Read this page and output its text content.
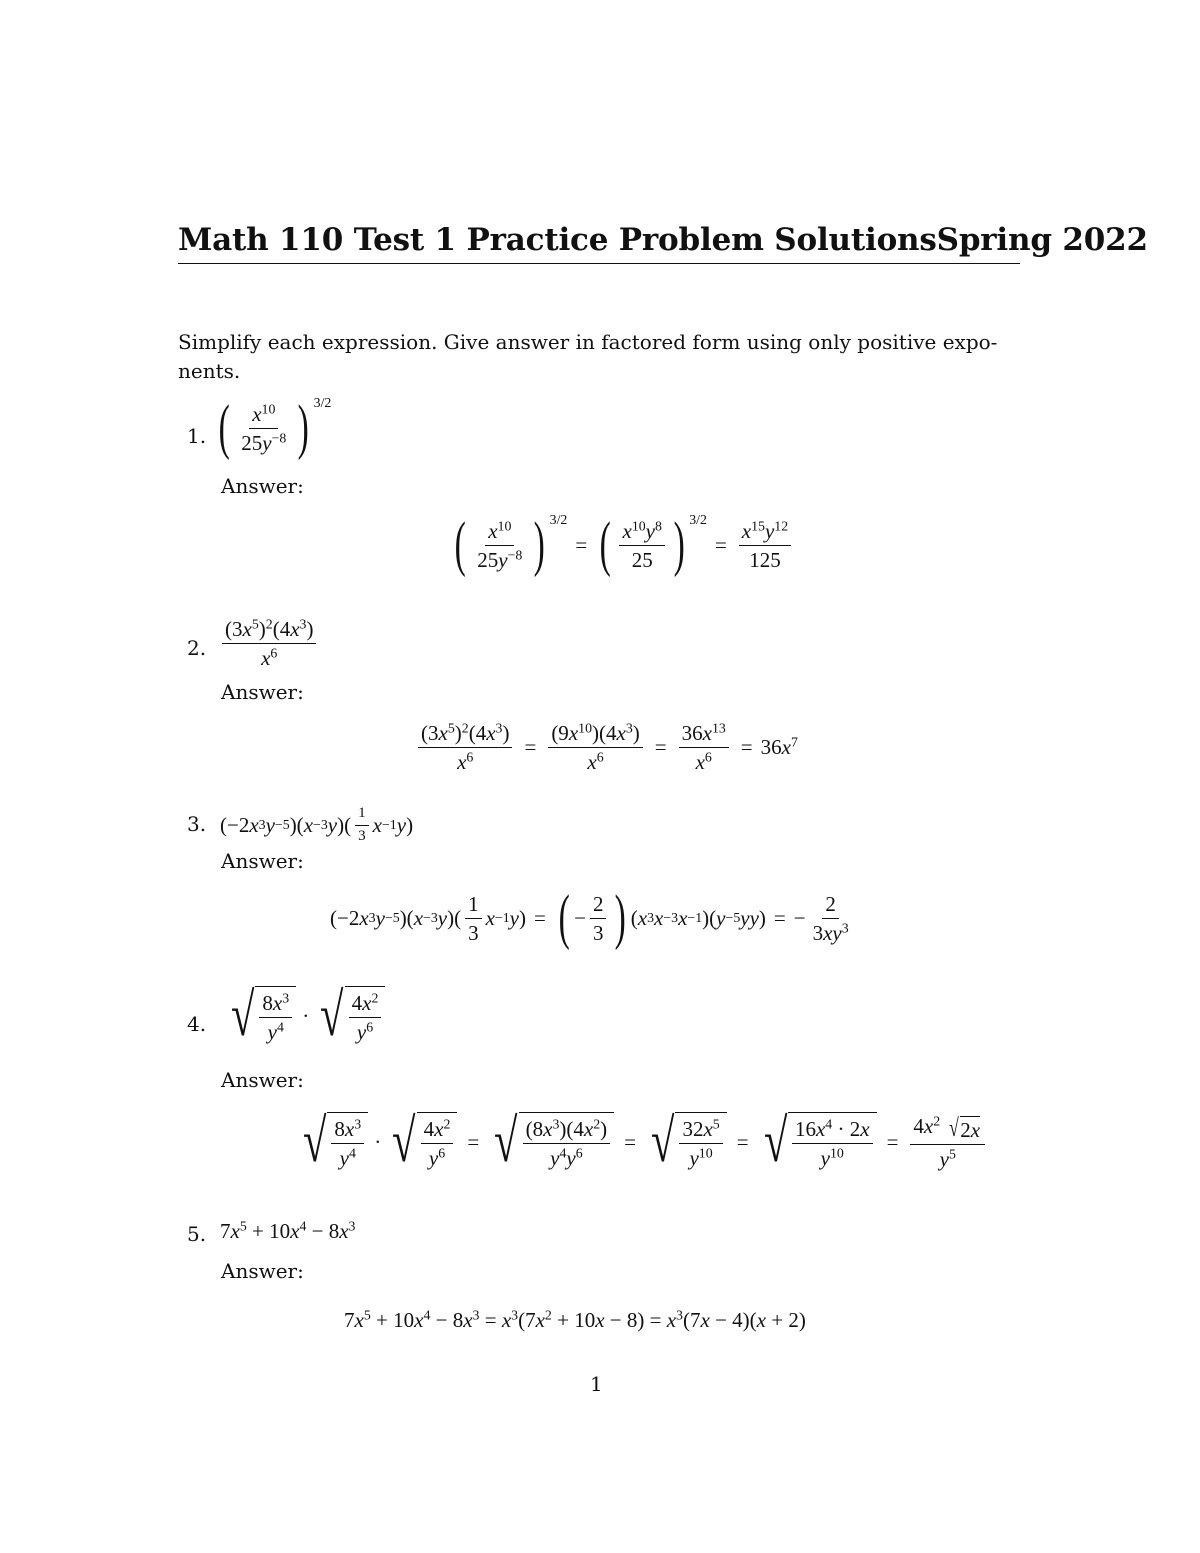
Math 110 Test 1 Practice Problem SolutionsSpring 2022
Simplify each expression. Give answer in factored form using only positive expo-nents.
1. ( $\frac{x^{10}}{25y^{-8}}$ ) 3/2
Answer:
( $\frac{x^{10}}{25y^{-8}}$ ) 3/2
= ( $\frac{x^{10}y^8}{25}$ ) 3/2
= $\frac{x^{15}y^{12}}{125}$
2. $\frac{(3x^5)^2(4x^3)}{x^6}$
Answer:
$\frac{(3x^5)^2(4x^3)}{x^6} = \frac{(9x^{10})(4x^3)}{x^6} = \frac{36x^{13}}{x^6} = 36x^7$
3. (−2 x 3 y −5 )( x −3 y )( $\frac{1}{3}$ x −1 y )
Answer:
(−2 x 3 y −5 )( x −3 y )( $\frac{1}{3}$ x −1 y ) = ( − $\frac{2}{3}$ ) ( x 3 x −3 x −1 )( y −5 yy ) = − $\frac{2}{3xy^3}$
4. √ $\frac{8x^3}{y^4}$ · √ $\frac{4x^2}{y^6}$
Answer:
√ $\frac{8x^3}{y^4}$ · √ $\frac{4x^2}{y^6}$ = √ $\frac{(8x^3)(4x^2)}{y^4y^6}$ = √ $\frac{32x^5}{y^{10}}$ = √ $\frac{16x^4 \cdot 2x}{y^{10}} = \frac{4x^2 √ 2 x}{y^5}$
5. $7x^5 + 10x^4 - 8x^3$
Answer:
$7x^5 + 10x^4 - 8x^3 = x^3(7x^2 + 10x - 8) = x^3(7x - 4)(x + 2)$
1
